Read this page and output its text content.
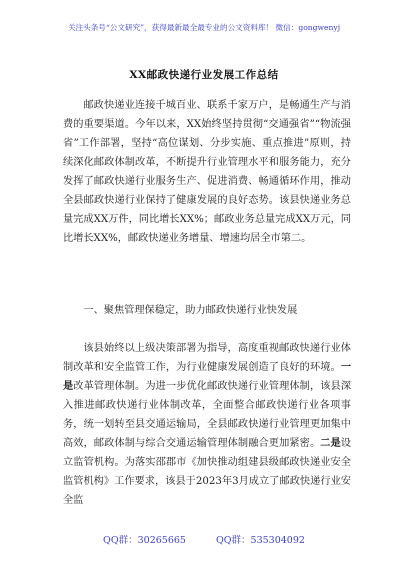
关注头条号“公文研究”，获得最新最全最专业的公文资料库！ 微信：gongwenyj
XX邮政快递行业发展工作总结

邮政快递业连接千城百业、联系千家万户，是畅通生产与消费的重要渠道。今年以来，XX始终坚持贯彻“交通强省”“物流强省”工作部署，坚持“高位谋划、分步实施、重点推进”原则，持续深化邮政体制改革，不断提升行业管理水平和服务能力，充分发挥了邮政快递行业服务生产、促进消费、畅通循环作用，推动全县邮政快递行业保持了健康发展的良好态势。该县快递业务总量完成XX万件，同比增长XX%；邮政业务总量完成XX万元，同比增长XX%，邮政快递业务增量、增速均居全市第二。

一、聚焦管理保稳定，助力邮政快递行业快发展

该县始终以上级决策部署为指导，高度重视邮政快递行业体制改革和安全监管工作，为行业健康发展创造了良好的环境。一是改革管理体制。为进一步优化邮政快递行业管理体制，该县深入推进邮政快递行业体制改革，全面整合邮政快递行业各项事务，统一划转至县交通运输局，全县邮政快递行业管理更加集中高效，邮政体制与综合交通运输管理体制融合更加紧密。二是设立监管机构。为落实邵郡市《加快推动组建县级邮政快递业安全监管机构》工作要求，该县于2023年3月成立了邮政快递行业安全监

QQ群：30265665	QQ群：535304092
